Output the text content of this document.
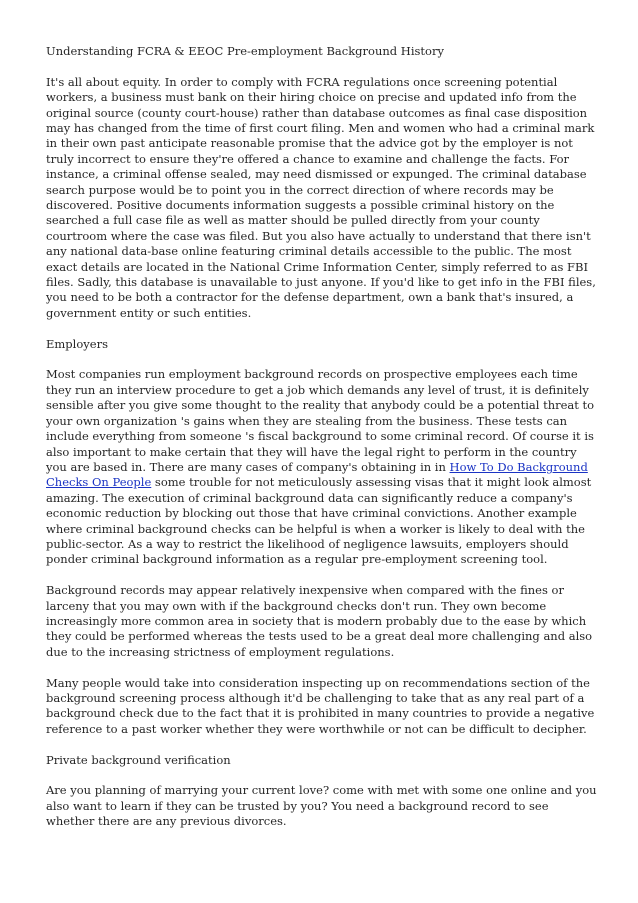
Understanding FCRA & EEOC Pre-employment Background History

It's all about equity. In order to comply with FCRA regulations once screening potential workers, a business must bank on their hiring choice on precise and updated info from the original source (county court-house) rather than database outcomes as final case disposition may has changed from the time of first court filing. Men and women who had a criminal mark in their own past anticipate reasonable promise that the advice got by the employer is not truly incorrect to ensure they're offered a chance to examine and challenge the facts. For instance, a criminal offense sealed, may need dismissed or expunged. The criminal database search purpose would be to point you in the correct direction of where records may be discovered. Positive documents information suggests a possible criminal history on the searched a full case file as well as matter should be pulled directly from your county courtroom where the case was filed. But you also have actually to understand that there isn't any national data-base online featuring criminal details accessible to the public. The most exact details are located in the National Crime Information Center, simply referred to as FBI files. Sadly, this database is unavailable to just anyone. If you'd like to get info in the FBI files, you need to be both a contractor for the defense department, own a bank that's insured, a government entity or such entities.

Employers

Most companies run employment background records on prospective employees each time they run an interview procedure to get a job which demands any level of trust, it is definitely sensible after you give some thought to the reality that anybody could be a potential threat to your own organization 's gains when they are stealing from the business. These tests can include everything from someone 's fiscal background to some criminal record. Of course it is also important to make certain that they will have the legal right to perform in the country you are based in. There are many cases of company's obtaining in in How To Do Background Checks On People some trouble for not meticulously assessing visas that it might look almost amazing. The execution of criminal background data can significantly reduce a company's economic reduction by blocking out those that have criminal convictions. Another example where criminal background checks can be helpful is when a worker is likely to deal with the public-sector. As a way to restrict the likelihood of negligence lawsuits, employers should ponder criminal background information as a regular pre-employment screening tool.

Background records may appear relatively inexpensive when compared with the fines or larceny that you may own with if the background checks don't run. They own become increasingly more common area in society that is modern probably due to the ease by which they could be performed whereas the tests used to be a great deal more challenging and also due to the increasing strictness of employment regulations.

Many people would take into consideration inspecting up on recommendations section of the background screening process although it'd be challenging to take that as any real part of a background check due to the fact that it is prohibited in many countries to provide a negative reference to a past worker whether they were worthwhile or not can be difficult to decipher.

Private background verification

Are you planning of marrying your current love? come with met with some one online and you also want to learn if they can be trusted by you? You need a background record to see whether there are any previous divorces.
